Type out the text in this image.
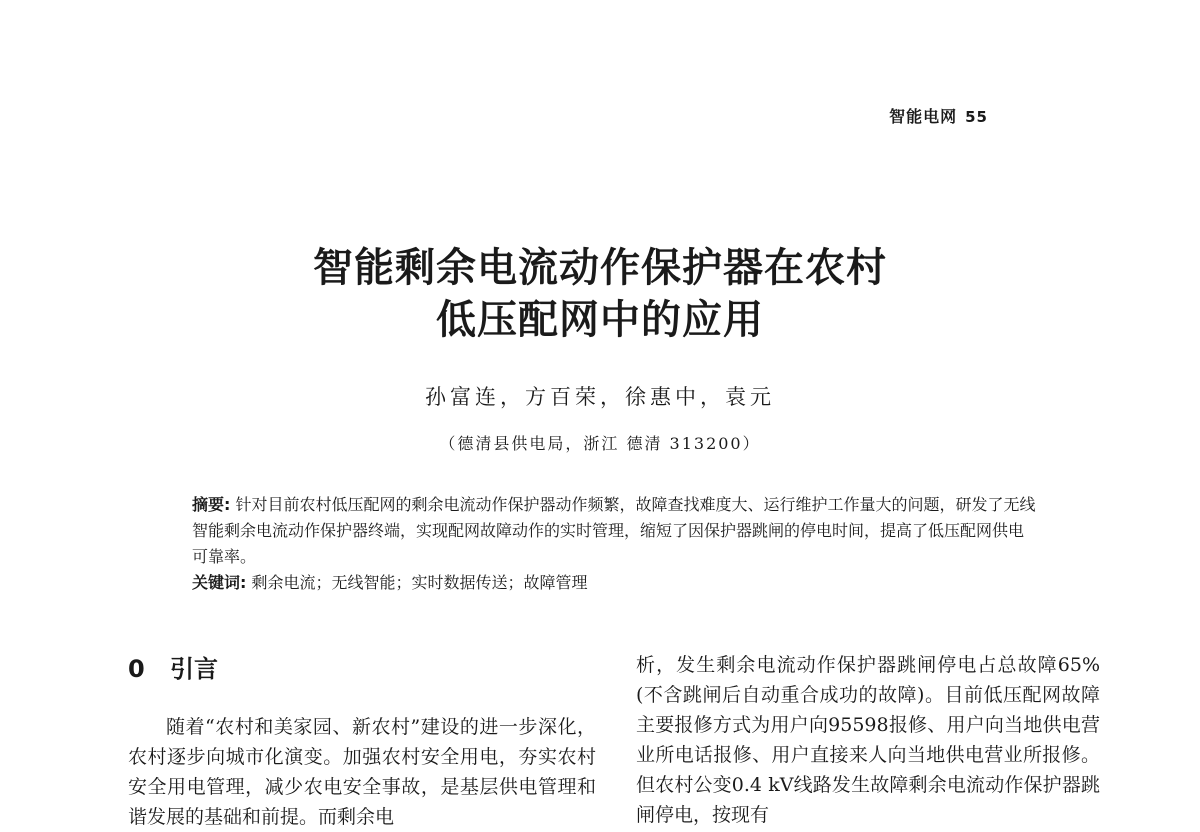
智能电网 55
智能剩余电流动作保护器在农村
低压配网中的应用
孙富连，方百荣，徐惠中，袁元
（德清县供电局，浙江 德清 313200）

摘要: 针对目前农村低压配网的剩余电流动作保护器动作频繁，故障查找难度大、运行维护工作量大的问题，研发了无线智能剩余电流动作保护器终端，实现配网故障动作的实时管理，缩短了因保护器跳闸的停电时间，提高了低压配网供电可靠率。

关键词: 剩余电流；无线智能；实时数据传送；故障管理

0 引言

随着“农村和美家园、新农村”建设的进一步深化，农村逐步向城市化演变。加强农村安全用电，夯实农村安全用电管理，减少农电安全事故，是基层供电管理和谐发展的基础和前提。而剩余电

析，发生剩余电流动作保护器跳闸停电占总故障65%(不含跳闸后自动重合成功的故障)。目前低压配网故障主要报修方式为用户向95598报修、用户向当地供电营业所电话报修、用户直接来人向当地供电营业所报修。但农村公变0.4 kV线路发生故障剩余电流动作保护器跳闸停电，按现有
